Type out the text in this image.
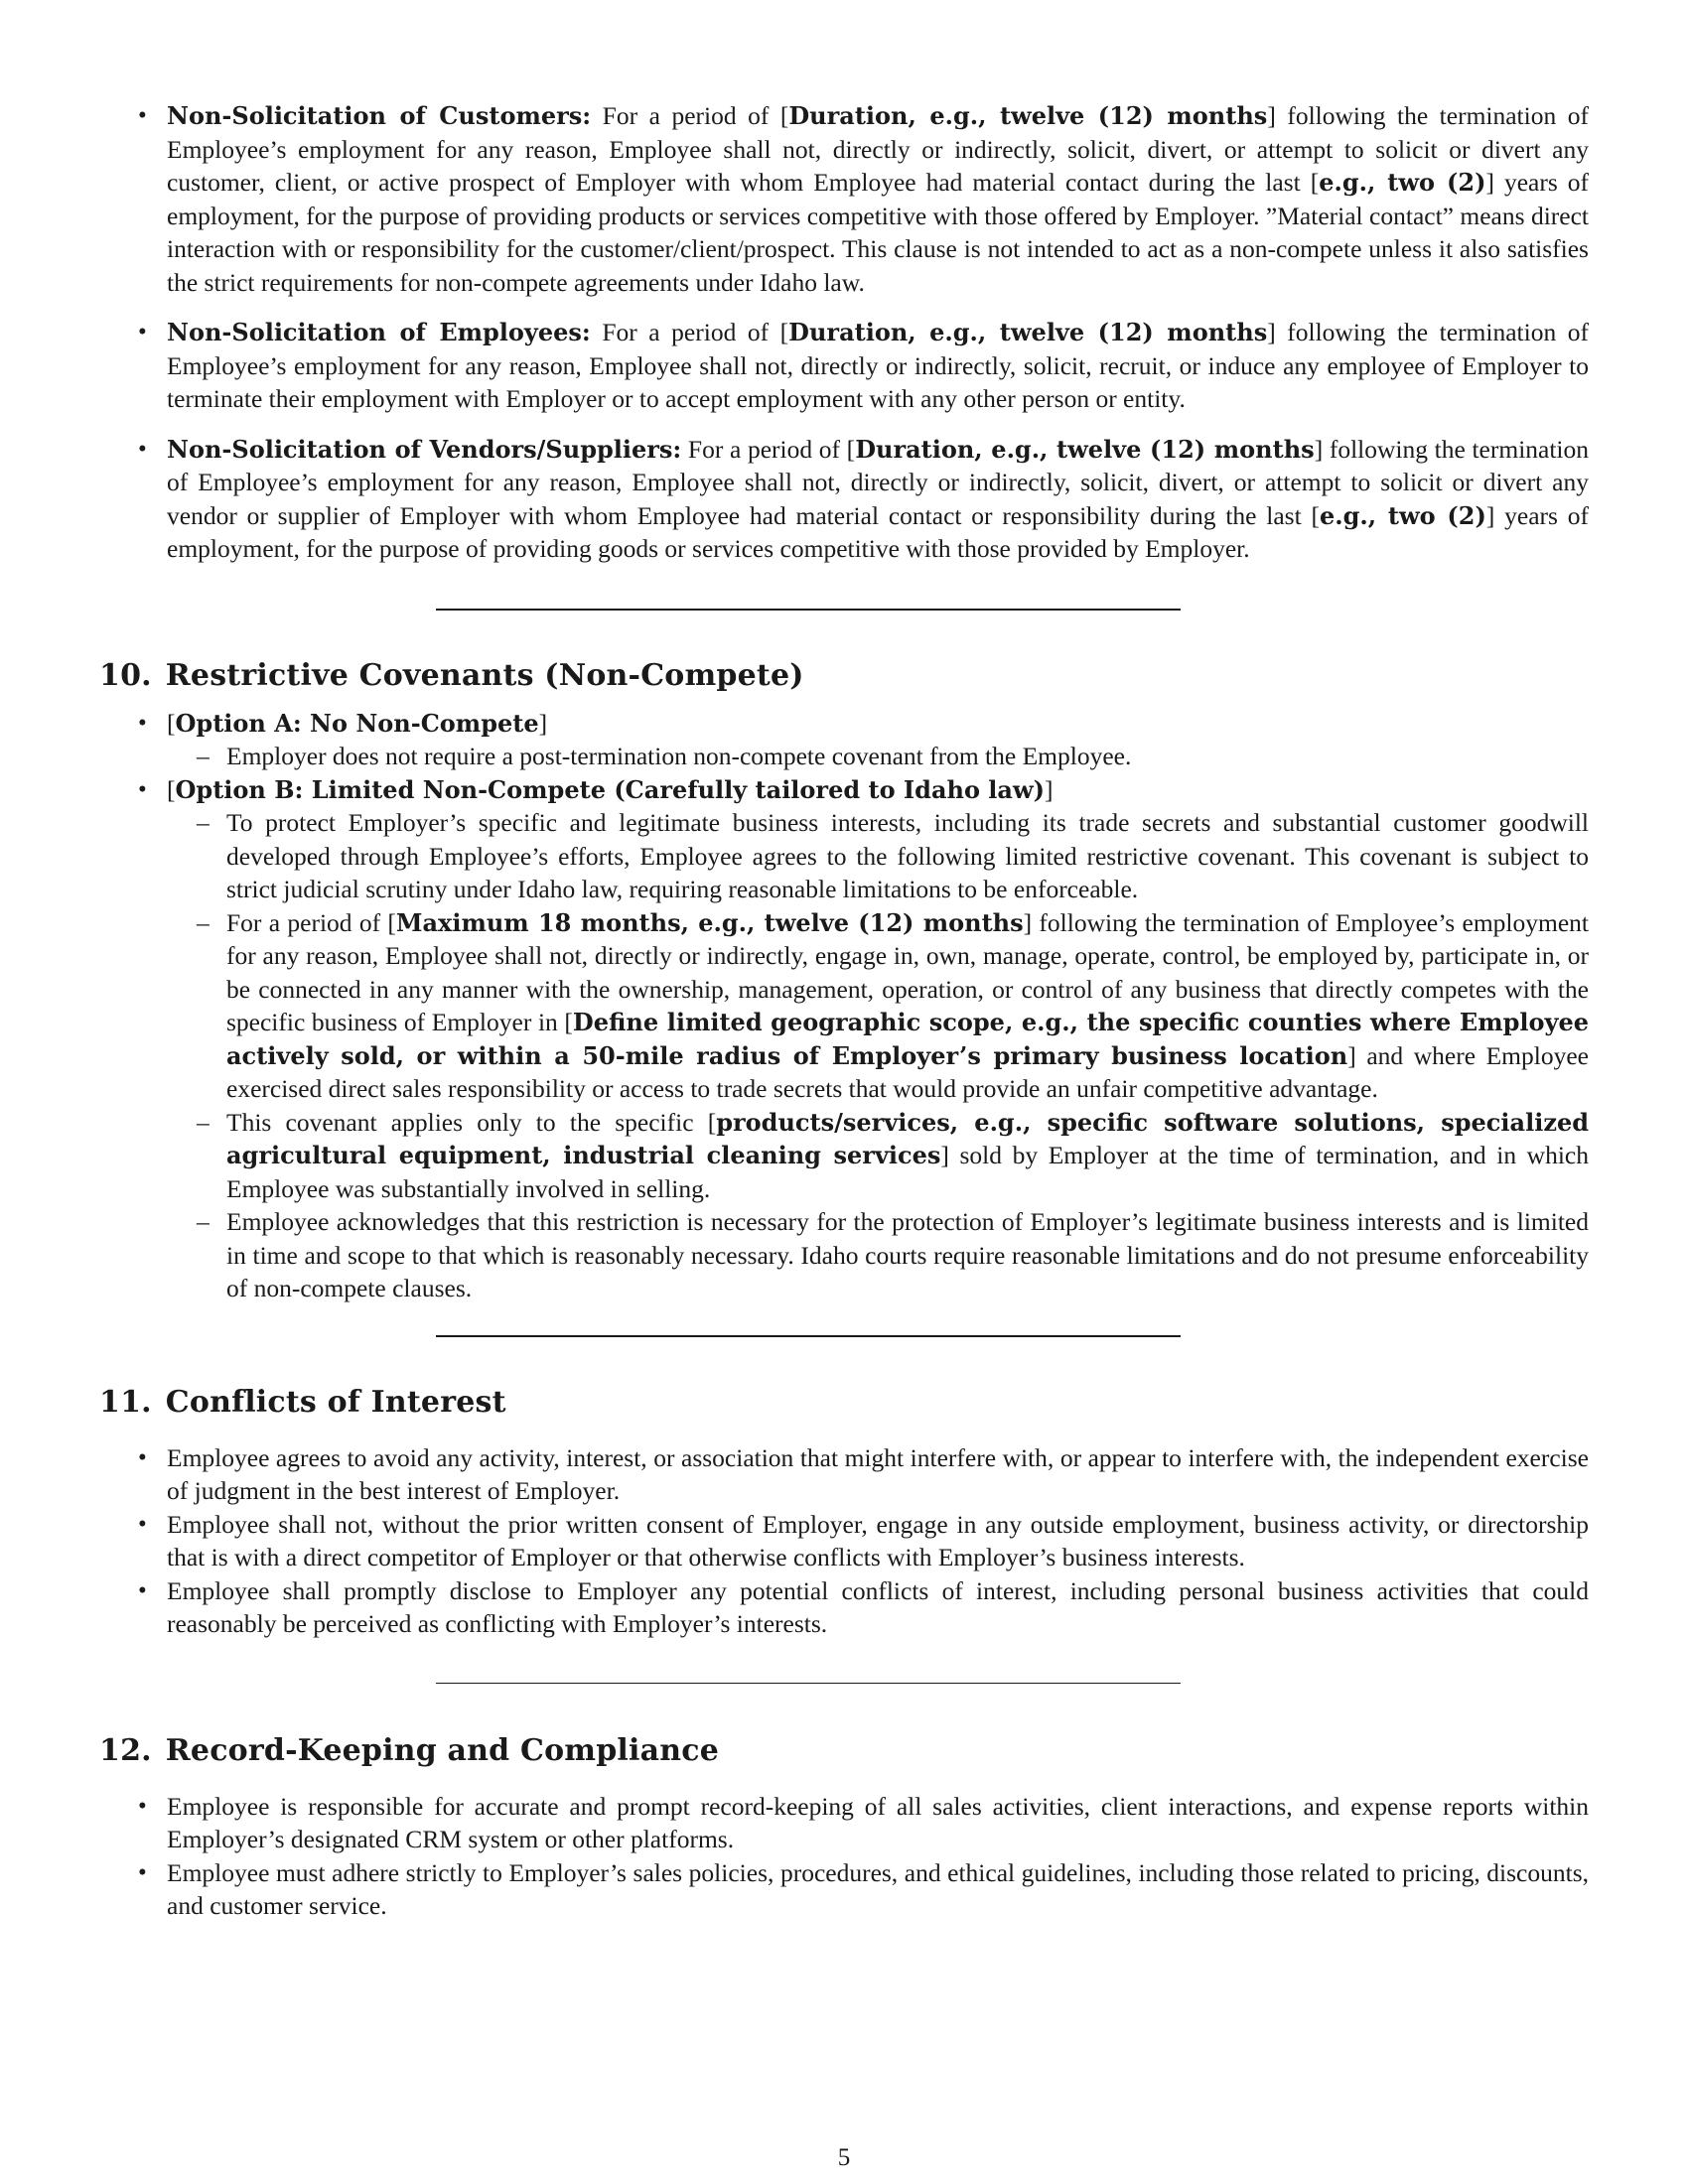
• Non-Solicitation of Customers: For a period of [Duration, e.g., twelve (12) months] following the termination of Employee’s employment for any reason, Employee shall not, directly or indirectly, solicit, divert, or attempt to solicit or divert any customer, client, or active prospect of Employer with whom Employee had material contact during the last [e.g., two (2)] years of employment, for the purpose of providing products or services competitive with those offered by Employer. ”Material contact” means direct interaction with or responsibility for the customer/client/prospect. This clause is not intended to act as a non-compete unless it also satisfies the strict requirements for non-compete agreements under Idaho law.
• Non-Solicitation of Employees: For a period of [Duration, e.g., twelve (12) months] following the termination of Employee’s employment for any reason, Employee shall not, directly or indirectly, solicit, recruit, or induce any employee of Employer to terminate their employment with Employer or to accept employment with any other person or entity.
• Non-Solicitation of Vendors/Suppliers: For a period of [Duration, e.g., twelve (12) months] following the termination of Employee’s employment for any reason, Employee shall not, directly or indirectly, solicit, divert, or attempt to solicit or divert any vendor or supplier of Employer with whom Employee had material contact or responsibility during the last [e.g., two (2)] years of employment, for the purpose of providing goods or services competitive with those provided by Employer.
10. Restrictive Covenants (Non-Compete)
• [Option A: No Non-Compete]
– Employer does not require a post-termination non-compete covenant from the Employee.
• [Option B: Limited Non-Compete (Carefully tailored to Idaho law)]
– To protect Employer’s specific and legitimate business interests, including its trade secrets and substantial customer goodwill developed through Employee’s efforts, Employee agrees to the following limited restrictive covenant. This covenant is subject to strict judicial scrutiny under Idaho law, requiring reasonable limitations to be enforceable.
– For a period of [Maximum 18 months, e.g., twelve (12) months] following the termination of Employee’s employment for any reason, Employee shall not, directly or indirectly, engage in, own, manage, operate, control, be employed by, participate in, or be connected in any manner with the ownership, management, operation, or control of any business that directly competes with the specific business of Employer in [Define limited geographic scope, e.g., the specific counties where Employee actively sold, or within a 50-mile radius of Employer’s primary business location] and where Employee exercised direct sales responsibility or access to trade secrets that would provide an unfair competitive advantage.
– This covenant applies only to the specific [products/services, e.g., specific software solutions, specialized agricultural equipment, industrial cleaning services] sold by Employer at the time of termination, and in which Employee was substantially involved in selling.
– Employee acknowledges that this restriction is necessary for the protection of Employer’s legitimate business interests and is limited in time and scope to that which is reasonably necessary. Idaho courts require reasonable limitations and do not presume enforceability of non-compete clauses.
11. Conflicts of Interest
• Employee agrees to avoid any activity, interest, or association that might interfere with, or appear to interfere with, the independent exercise of judgment in the best interest of Employer.
• Employee shall not, without the prior written consent of Employer, engage in any outside employment, business activity, or directorship that is with a direct competitor of Employer or that otherwise conflicts with Employer’s business interests.
• Employee shall promptly disclose to Employer any potential conflicts of interest, including personal business activities that could reasonably be perceived as conflicting with Employer’s interests.
12. Record-Keeping and Compliance
• Employee is responsible for accurate and prompt record-keeping of all sales activities, client interactions, and expense reports within Employer’s designated CRM system or other platforms.
• Employee must adhere strictly to Employer’s sales policies, procedures, and ethical guidelines, including those related to pricing, discounts, and customer service.
5
